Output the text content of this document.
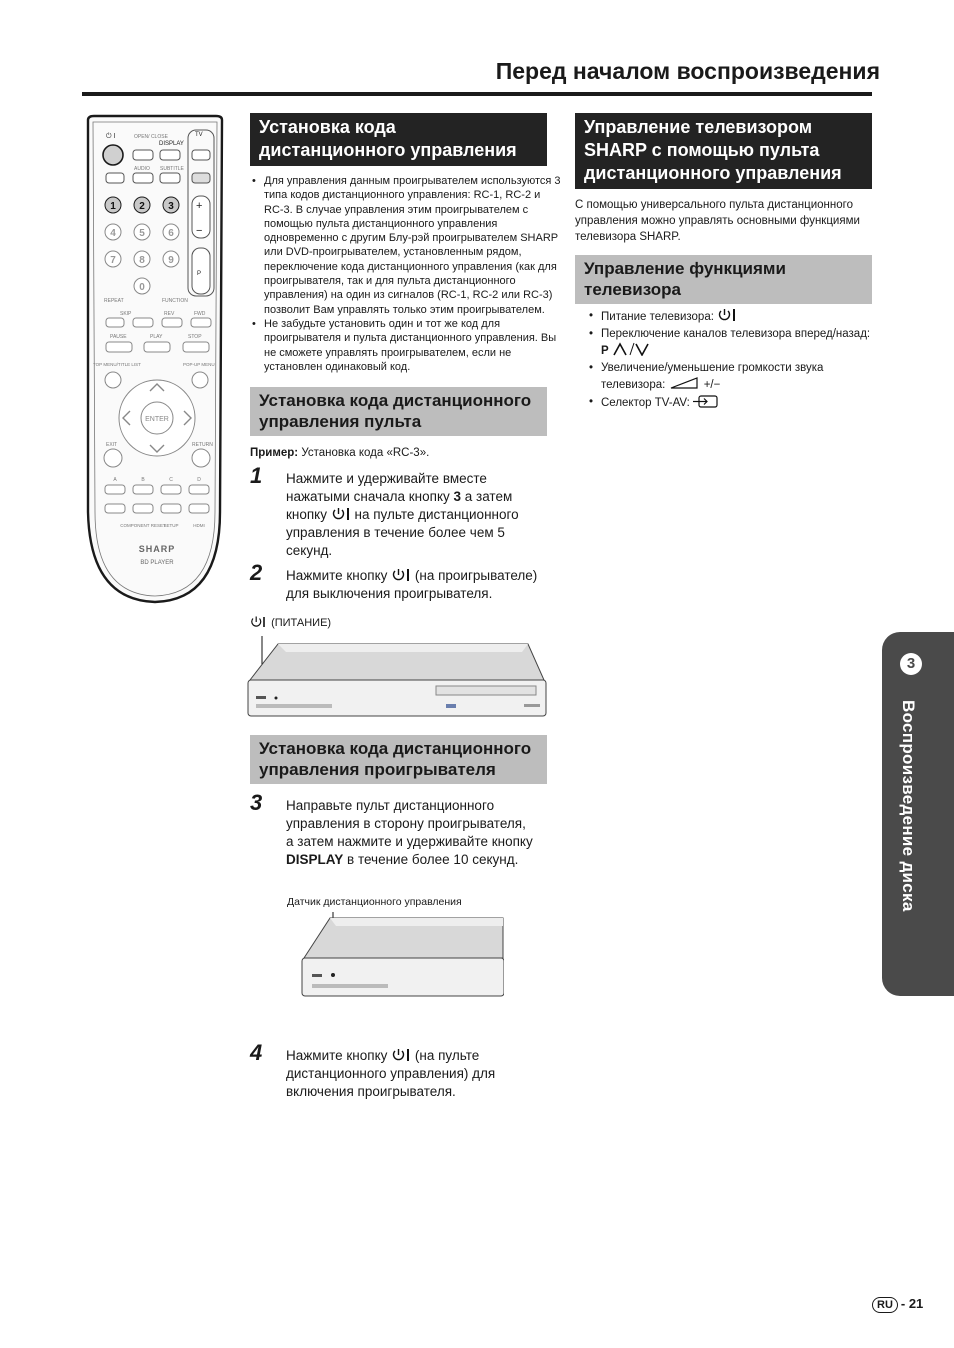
Перед началом воспроизведения
⏻ I	OPEN/ CLOSE
DISPLAY
TV
AUDIO SUBTITLE
+
−
P
1 2 3
4 5 6
7 8 9
0
REPEAT	FUNCTION
SKIP	REV	FWD
PAUSE	PLAY	STOP
TOP MENU/TITLE LIST	POP-UP MENU
ENTER
EXIT	RETURN
A	B	C	D
COMPONENT RESET
SETUP	HDMI
SHARP
BD PLAYER
Установка кода дистанционного управления
• Для управления данным проигрывателем используются 3 типа кодов дистанционного управления: RC-1, RC-2 и RC-3. В случае управления этим проигрывателем с помощью пульта дистанционного управления одновременно с другим Блу-рэй проигрывателем SHARP или DVD-проигрывателем, установленным рядом, переключение кода дистанционного управления (как для проигрывателя, так и для пульта дистанционного управления) на один из сигналов (RC-1, RC-2 или RC-3) позволит Вам управлять только этим проигрывателем.
• Не забудьте установить один и тот же код для проигрывателя и пульта дистанционного управления. Вы не сможете управлять проигрывателем, если не установлен одинаковый код.
Установка кода дистанционного управления пульта
Пример: Установка кода «RC-3».
1 Нажмите и удерживайте вместе нажатыми сначала кнопку 3 а затем кнопку  на пульте дистанционного управления в течение более чем 5 секунд.
2 Нажмите кнопку  (на проигрывателе) для выключения проигрывателя.
(ПИТАНИЕ)
Установка кода дистанционного управления проигрывателя
3 Направьте пульт дистанционного управления в сторону проигрывателя, а затем нажмите и удерживайте кнопку DISPLAY в течение более 10 секунд.
Датчик дистанционного управления
4 Нажмите кнопку  (на пульте дистанционного управления) для включения проигрывателя.
Управление телевизором SHARP с помощью пульта дистанционного управления
С помощью универсального пульта дистанционного управления можно управлять основными функциями телевизора SHARP.
Управление функциями телевизора
• Питание телевизора:
• Переключение каналов телевизора вперед/назад:
P
• Увеличение/уменьшение громкости звука телевизора:	+/−
• Селектор TV-AV:
3
Воспроизведение диска
RU - 21
